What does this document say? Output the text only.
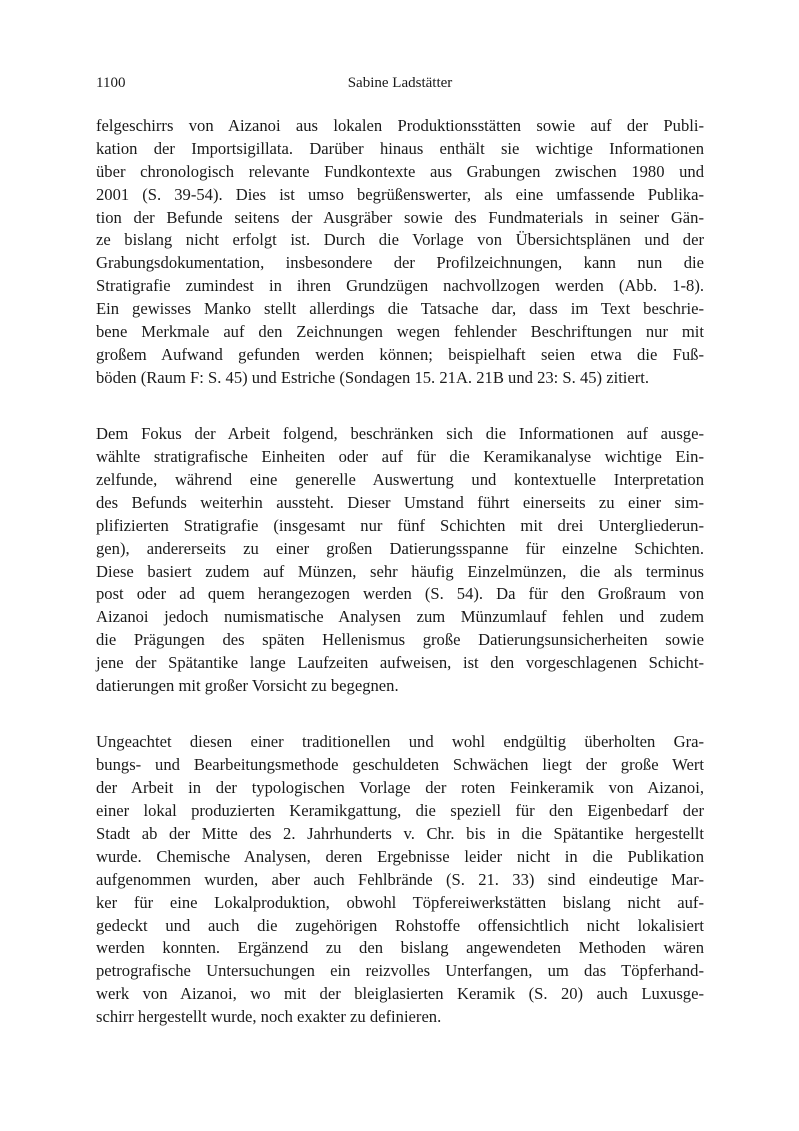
1100	Sabine Ladstätter
felgeschirrs von Aizanoi aus lokalen Produktionsstätten sowie auf der Publi-
kation der Importsigillata. Darüber hinaus enthält sie wichtige Informationen
über chronologisch relevante Fundkontexte aus Grabungen zwischen 1980 und
2001 (S. 39-54). Dies ist umso begrüßenswerter, als eine umfassende Publika-
tion der Befunde seitens der Ausgräber sowie des Fundmaterials in seiner Gän-
ze bislang nicht erfolgt ist. Durch die Vorlage von Übersichtsplänen und der
Grabungsdokumentation, insbesondere der Profilzeichnungen, kann nun die
Stratigrafie zumindest in ihren Grundzügen nachvollzogen werden (Abb. 1-8).
Ein gewisses Manko stellt allerdings die Tatsache dar, dass im Text beschrie-
bene Merkmale auf den Zeichnungen wegen fehlender Beschriftungen nur mit
großem Aufwand gefunden werden können; beispielhaft seien etwa die Fuß-
böden (Raum F: S. 45) und Estriche (Sondagen 15. 21A. 21B und 23: S. 45) zitiert.
Dem Fokus der Arbeit folgend, beschränken sich die Informationen auf ausge-
wählte stratigrafische Einheiten oder auf für die Keramikanalyse wichtige Ein-
zelfunde, während eine generelle Auswertung und kontextuelle Interpretation
des Befunds weiterhin aussteht. Dieser Umstand führt einerseits zu einer sim-
plifizierten Stratigrafie (insgesamt nur fünf Schichten mit drei Untergliederun-
gen), andererseits zu einer großen Datierungsspanne für einzelne Schichten.
Diese basiert zudem auf Münzen, sehr häufig Einzelmünzen, die als terminus
post oder ad quem herangezogen werden (S. 54). Da für den Großraum von
Aizanoi jedoch numismatische Analysen zum Münzumlauf fehlen und zudem
die Prägungen des späten Hellenismus große Datierungsunsicherheiten sowie
jene der Spätantike lange Laufzeiten aufweisen, ist den vorgeschlagenen Schicht-
datierungen mit großer Vorsicht zu begegnen.
Ungeachtet diesen einer traditionellen und wohl endgültig überholten Gra-
bungs- und Bearbeitungsmethode geschuldeten Schwächen liegt der große Wert
der Arbeit in der typologischen Vorlage der roten Feinkeramik von Aizanoi,
einer lokal produzierten Keramikgattung, die speziell für den Eigenbedarf der
Stadt ab der Mitte des 2. Jahrhunderts v. Chr. bis in die Spätantike hergestellt
wurde. Chemische Analysen, deren Ergebnisse leider nicht in die Publikation
aufgenommen wurden, aber auch Fehlbrände (S. 21. 33) sind eindeutige Mar-
ker für eine Lokalproduktion, obwohl Töpfereiwerkstätten bislang nicht auf-
gedeckt und auch die zugehörigen Rohstoffe offensichtlich nicht lokalisiert
werden konnten. Ergänzend zu den bislang angewendeten Methoden wären
petrografische Untersuchungen ein reizvolles Unterfangen, um das Töpferhand-
werk von Aizanoi, wo mit der bleiglasierten Keramik (S. 20) auch Luxusge-
schirr hergestellt wurde, noch exakter zu definieren.
